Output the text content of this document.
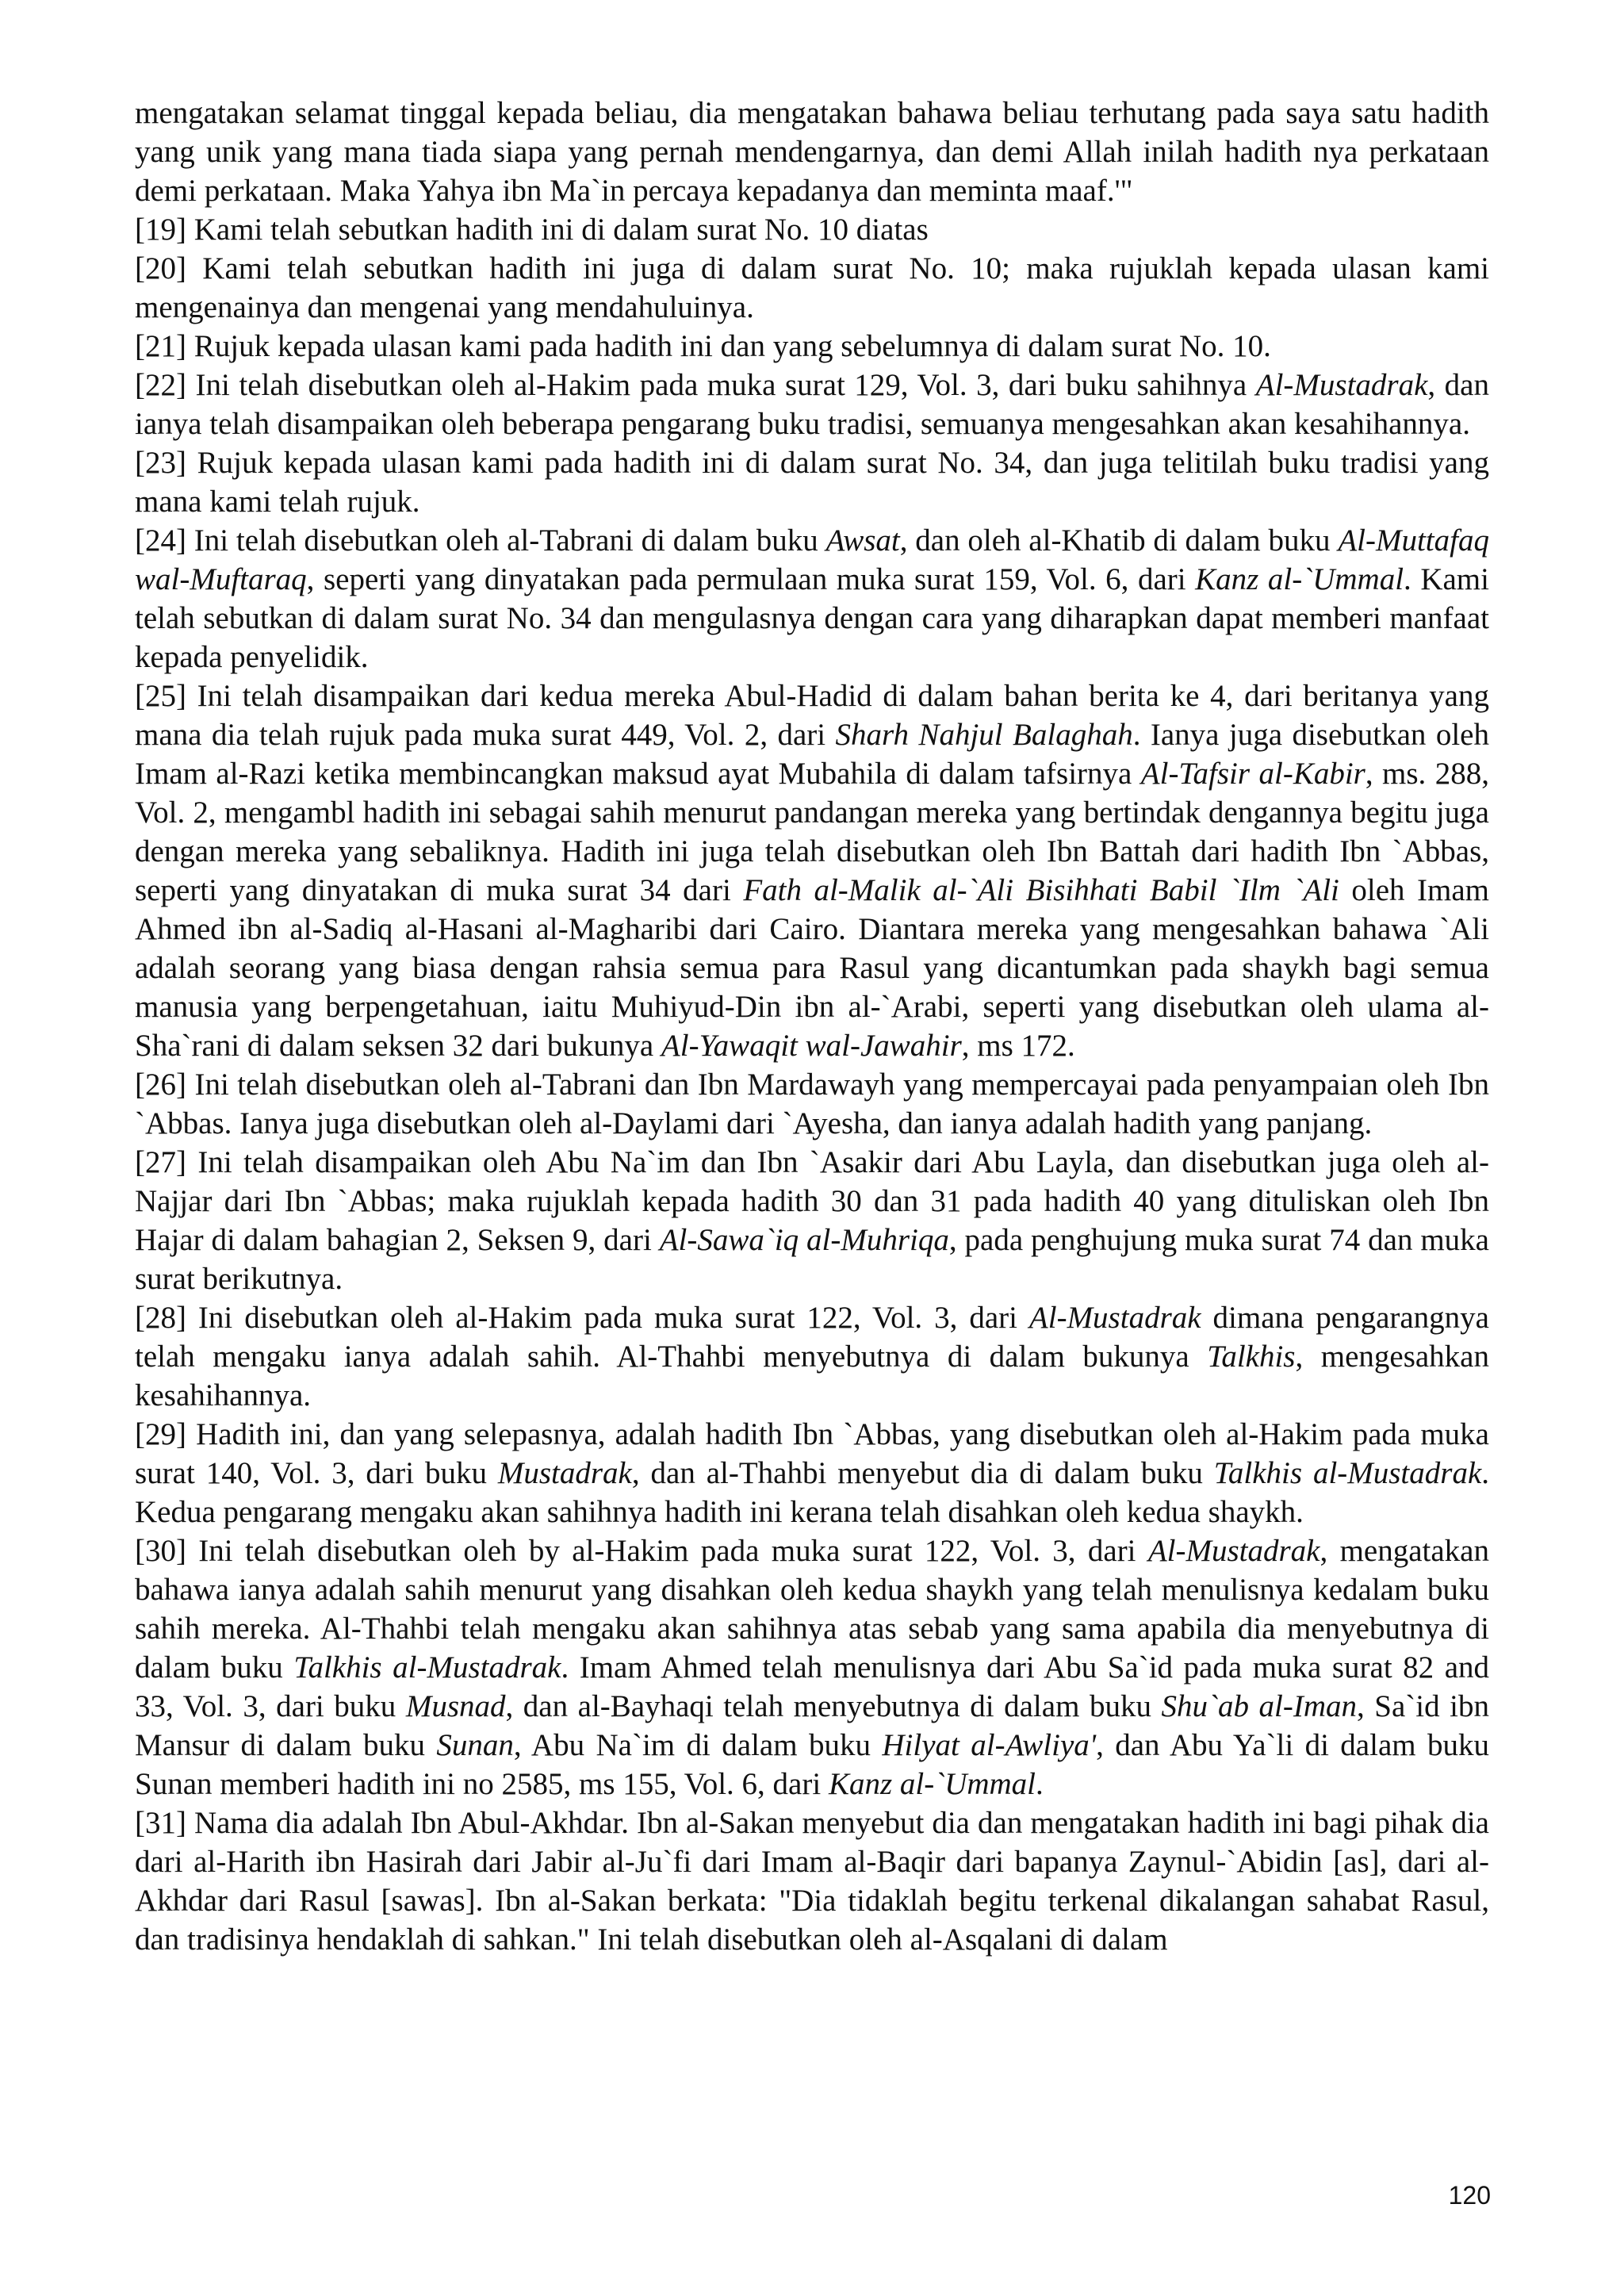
mengatakan selamat tinggal kepada beliau, dia mengatakan bahawa beliau terhutang pada saya satu hadith yang unik yang mana tiada siapa yang pernah mendengarnya, dan demi Allah inilah hadith nya perkataan demi perkataan. Maka Yahya ibn Ma`in percaya kepadanya dan meminta maaf.'"

[19] Kami telah sebutkan hadith ini di dalam surat No. 10 diatas

[20] Kami telah sebutkan hadith ini juga di dalam surat No. 10; maka rujuklah kepada ulasan kami mengenainya dan mengenai yang mendahuluinya.

[21] Rujuk kepada ulasan kami pada hadith ini dan yang sebelumnya di dalam surat No. 10.

[22] Ini telah disebutkan oleh al-Hakim pada muka surat 129, Vol. 3, dari buku sahihnya Al-Mustadrak, dan ianya telah disampaikan oleh beberapa pengarang buku tradisi, semuanya mengesahkan akan kesahihannya.

[23] Rujuk kepada ulasan kami pada hadith ini di dalam surat No. 34, dan juga telitilah buku tradisi yang mana kami telah rujuk.

[24] Ini telah disebutkan oleh al-Tabrani di dalam buku Awsat, dan oleh al-Khatib di dalam buku Al-Muttafaq wal-Muftaraq, seperti yang dinyatakan pada permulaan muka surat 159, Vol. 6, dari Kanz al-`Ummal. Kami telah sebutkan di dalam surat No. 34 dan mengulasnya dengan cara yang diharapkan dapat memberi manfaat kepada penyelidik.

[25] Ini telah disampaikan dari kedua mereka Abul-Hadid di dalam bahan berita ke 4, dari beritanya yang mana dia telah rujuk pada muka surat 449, Vol. 2, dari Sharh Nahjul Balaghah. Ianya juga disebutkan oleh Imam al-Razi ketika membincangkan maksud ayat Mubahila di dalam tafsirnya Al-Tafsir al-Kabir, ms. 288, Vol. 2, mengambl hadith ini sebagai sahih menurut pandangan mereka yang bertindak dengannya begitu juga dengan mereka yang sebaliknya. Hadith ini juga telah disebutkan oleh Ibn Battah dari hadith Ibn `Abbas, seperti yang dinyatakan di muka surat 34 dari Fath al-Malik al-`Ali Bisihhati Babil `Ilm `Ali oleh Imam Ahmed ibn al-Sadiq al-Hasani al-Magharibi dari Cairo. Diantara mereka yang mengesahkan bahawa `Ali adalah seorang yang biasa dengan rahsia semua para Rasul yang dicantumkan pada shaykh bagi semua manusia yang berpengetahuan, iaitu Muhiyud-Din ibn al-`Arabi, seperti yang disebutkan oleh ulama al-Sha`rani di dalam seksen 32 dari bukunya Al-Yawaqit wal-Jawahir, ms 172.

[26] Ini telah disebutkan oleh al-Tabrani dan Ibn Mardawayh yang mempercayai pada penyampaian oleh Ibn `Abbas. Ianya juga disebutkan oleh al-Daylami dari `Ayesha, dan ianya adalah hadith yang panjang.

[27] Ini telah disampaikan oleh Abu Na`im dan Ibn `Asakir dari Abu Layla, dan disebutkan juga oleh al-Najjar dari Ibn `Abbas; maka rujuklah kepada hadith 30 dan 31 pada hadith 40 yang dituliskan oleh Ibn Hajar di dalam bahagian 2, Seksen 9, dari Al-Sawa`iq al-Muhriqa, pada penghujung muka surat 74 dan muka surat berikutnya.

[28] Ini disebutkan oleh al-Hakim pada muka surat 122, Vol. 3, dari Al-Mustadrak dimana pengarangnya telah mengaku ianya adalah sahih. Al-Thahbi menyebutnya di dalam bukunya Talkhis, mengesahkan kesahihannya.

[29] Hadith ini, dan yang selepasnya, adalah hadith Ibn `Abbas, yang disebutkan oleh al-Hakim pada muka surat 140, Vol. 3, dari buku Mustadrak, dan al-Thahbi menyebut dia di dalam buku Talkhis al-Mustadrak. Kedua pengarang mengaku akan sahihnya hadith ini kerana telah disahkan oleh kedua shaykh.

[30] Ini telah disebutkan oleh by al-Hakim pada muka surat 122, Vol. 3, dari Al-Mustadrak, mengatakan bahawa ianya adalah sahih menurut yang disahkan oleh kedua shaykh yang telah menulisnya kedalam buku sahih mereka. Al-Thahbi telah mengaku akan sahihnya atas sebab yang sama apabila dia menyebutnya di dalam buku Talkhis al-Mustadrak. Imam Ahmed telah menulisnya dari Abu Sa`id pada muka surat 82 and 33, Vol. 3, dari buku Musnad, dan al-Bayhaqi telah menyebutnya di dalam buku Shu`ab al-Iman, Sa`id ibn Mansur di dalam buku Sunan, Abu Na`im di dalam buku Hilyat al-Awliya', dan Abu Ya`li di dalam buku Sunan memberi hadith ini no 2585, ms 155, Vol. 6, dari Kanz al-`Ummal.

[31] Nama dia adalah Ibn Abul-Akhdar. Ibn al-Sakan menyebut dia dan mengatakan hadith ini bagi pihak dia dari al-Harith ibn Hasirah dari Jabir al-Ju`fi dari Imam al-Baqir dari bapanya Zaynul-`Abidin [as], dari al-Akhdar dari Rasul [sawas]. Ibn al-Sakan berkata: "Dia tidaklah begitu terkenal dikalangan sahabat Rasul, dan tradisinya hendaklah di sahkan." Ini telah disebutkan oleh al-Asqalani di dalam

120
